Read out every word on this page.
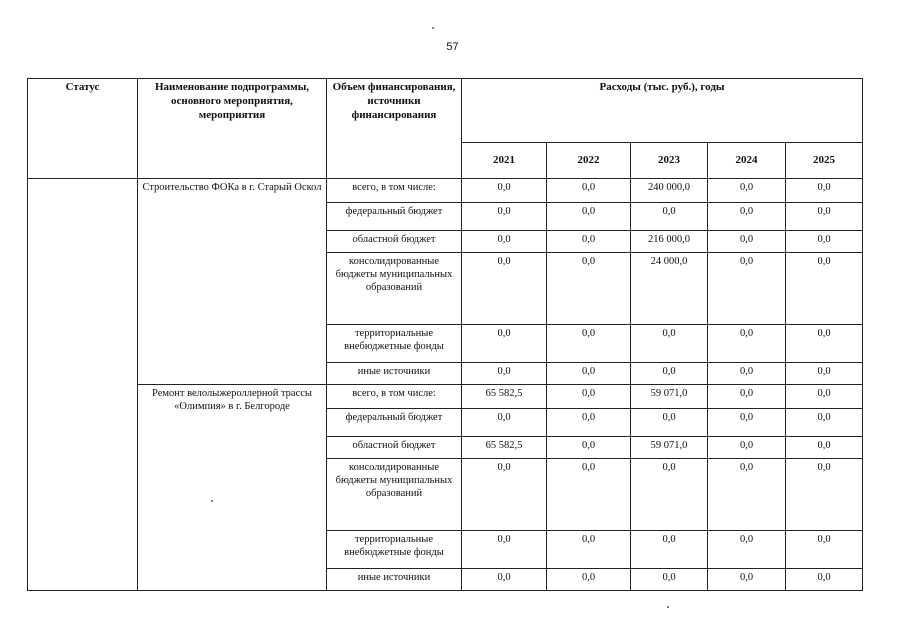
57
Статус	Наименование подпрограммы, основного мероприятия, мероприятия	Объем финансирования, источники финансирования	Расходы (тыс. руб.), годы				
			2021	2022	2023	2024	2025
	Строительство ФОКа в г. Старый Оскол	всего, в том числе:	0,0	0,0	240 000,0	0,0	0,0
		федеральный бюджет	0,0	0,0	0,0	0,0	0,0
		областной бюджет	0,0	0,0	216 000,0	0,0	0,0
		консолидированные бюджеты муниципальных образований	0,0	0,0	24 000,0	0,0	0,0
		территориальные внебюджетные фонды	0,0	0,0	0,0	0,0	0,0
		иные источники	0,0	0,0	0,0	0,0	0,0
	Ремонт велолыжероллерной трассы «Олимпия» в г. Белгороде	всего, в том числе:	65 582,5	0,0	59 071,0	0,0	0,0
		федеральный бюджет	0,0	0,0	0,0	0,0	0,0
		областной бюджет	65 582,5	0,0	59 071,0	0,0	0,0
		консолидированные бюджеты муниципальных образований	0,0	0,0	0,0	0,0	0,0
		территориальные внебюджетные фонды	0,0	0,0	0,0	0,0	0,0
		иные источники	0,0	0,0	0,0	0,0	0,0
